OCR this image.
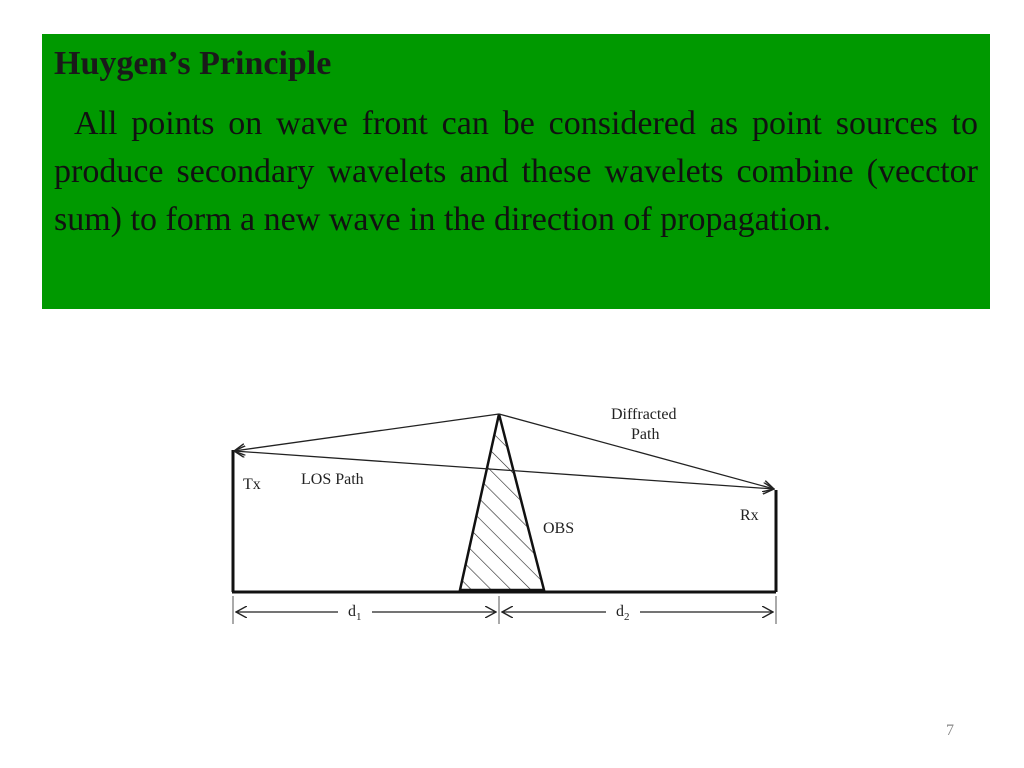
Huygen’s Principle

All points on wave front can be considered as point sources to produce secondary wavelets and these wavelets combine (vecctor sum) to form a new wave in the direction of propagation.

Diffracted
Path
LOS Path
Tx
Rx
OBS
$d_1$	$d_2$
7
